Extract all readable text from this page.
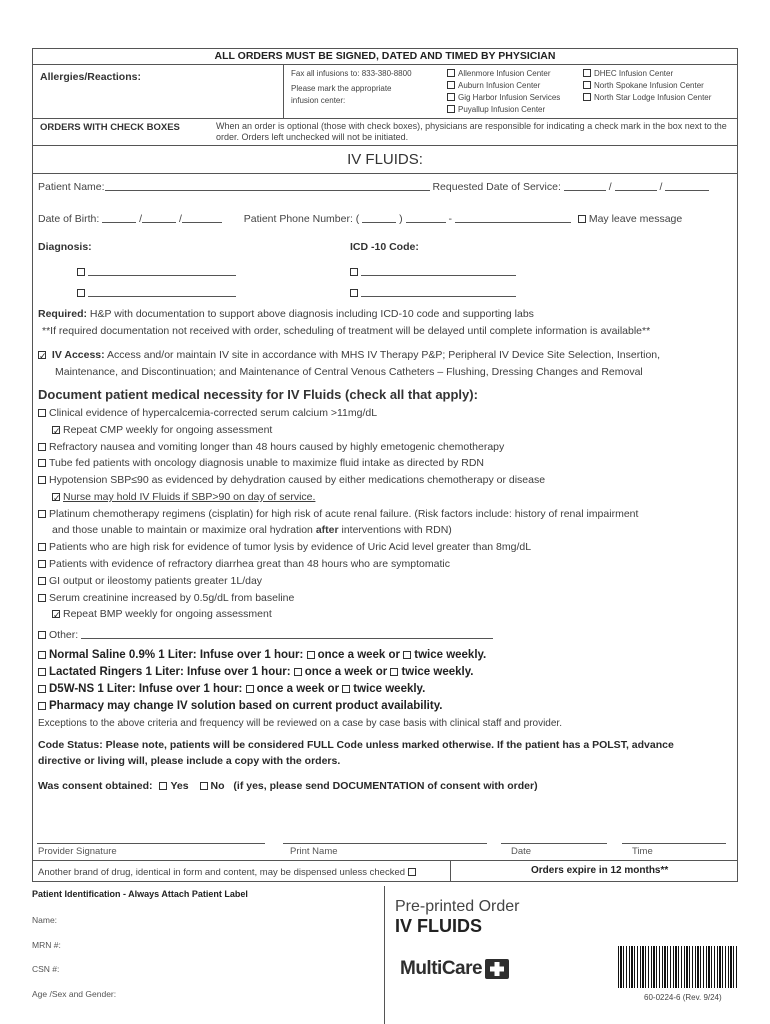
ALL ORDERS MUST BE SIGNED, DATED AND TIMED BY PHYSICIAN
Allergies/Reactions:	Fax all infusions to: 833-380-8800
Please mark the appropriate infusion center:
Allenmore Infusion Center
Auburn Infusion Center
Gig Harbor Infusion Services
Puyallup Infusion Center
DHEC Infusion Center
North Spokane Infusion Center
North Star Lodge Infusion Center
ORDERS WITH CHECK BOXES	When an order is optional (those with check boxes), physicians are responsible for indicating a check mark in the box next to the order. Orders left unchecked will not be initiated.
IV FLUIDS:
Patient Name:	Requested Date of Service:	/	/
Date of Birth:	/	/	Patient Phone Number: (	)	-	May leave message
Diagnosis:	ICD -10 Code:
Required: H&P with documentation to support above diagnosis including ICD-10 code and supporting labs
**If required documentation not received with order, scheduling of treatment will be delayed until complete information is available**
✓ IV Access: Access and/or maintain IV site in accordance with MHS IV Therapy P&P; Peripheral IV Device Site Selection, Insertion,
Maintenance, and Discontinuation; and Maintenance of Central Venous Catheters – Flushing, Dressing Changes and Removal
Document patient medical necessity for IV Fluids (check all that apply):
Clinical evidence of hypercalcemia-corrected serum calcium >11mg/dL
✓Repeat CMP weekly for ongoing assessment
Refractory nausea and vomiting longer than 48 hours caused by highly emetogenic chemotherapy
Tube fed patients with oncology diagnosis unable to maximize fluid intake as directed by RDN
Hypotension SBP≤90 as evidenced by dehydration caused by either medications chemotherapy or disease
✓Nurse may hold IV Fluids if SBP>90 on day of service.
Platinum chemotherapy regimens (cisplatin) for high risk of acute renal failure. (Risk factors include: history of renal impairment
and those unable to maintain or maximize oral hydration after interventions with RDN)
Patients who are high risk for evidence of tumor lysis by evidence of Uric Acid level greater than 8mg/dL
Patients with evidence of refractory diarrhea great than 48 hours who are symptomatic
GI output or ileostomy patients greater 1L/day
Serum creatinine increased by 0.5g/dL from baseline
✓Repeat BMP weekly for ongoing assessment
Other:
Normal Saline 0.9% 1 Liter: Infuse over 1 hour: once a week or twice weekly.
Lactated Ringers 1 Liter: Infuse over 1 hour: once a week or twice weekly.
D5W-NS 1 Liter: Infuse over 1 hour: once a week or twice weekly.
Pharmacy may change IV solution based on current product availability.
Exceptions to the above criteria and frequency will be reviewed on a case by case basis with clinical staff and provider.
Code Status: Please note, patients will be considered FULL Code unless marked otherwise. If the patient has a POLST, advance
directive or living will, please include a copy with the orders.
Was consent obtained: Yes No (if yes, please send DOCUMENTATION of consent with order)
Provider Signature	Print Name	Date	Time
Another brand of drug, identical in form and content, may be dispensed unless checked	Orders expire in 12 months**
Patient Identification - Always Attach Patient Label
Name:
MRN #:
CSN #:
Age /Sex and Gender:
Pre-printed Order
IV FLUIDS
MultiCare
60-0224-6 (Rev. 9/24)
